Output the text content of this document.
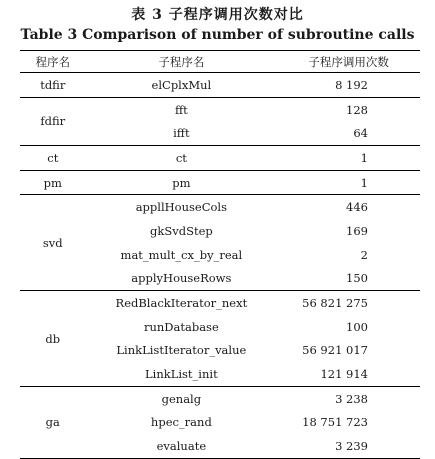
表 3 子程序调用次数对比
Table 3 Comparison of number of subroutine calls
程序名	子程序名	子程序调用次数
tdfir	elCplxMul	8 192
fdfir	fft	128
	ifft	64
ct	ct	1
pm	pm	1
svd	appllHouseCols	446
	gkSvdStep	169
	mat_mult_cx_by_real	2
	applyHouseRows	150
db	RedBlackIterator_next	56 821 275
	runDatabase	100
	LinkListIterator_value	56 921 017
	LinkList_init	121 914
ga	genalg	3 238
	hpec_rand	18 751 723
	evaluate	3 239
